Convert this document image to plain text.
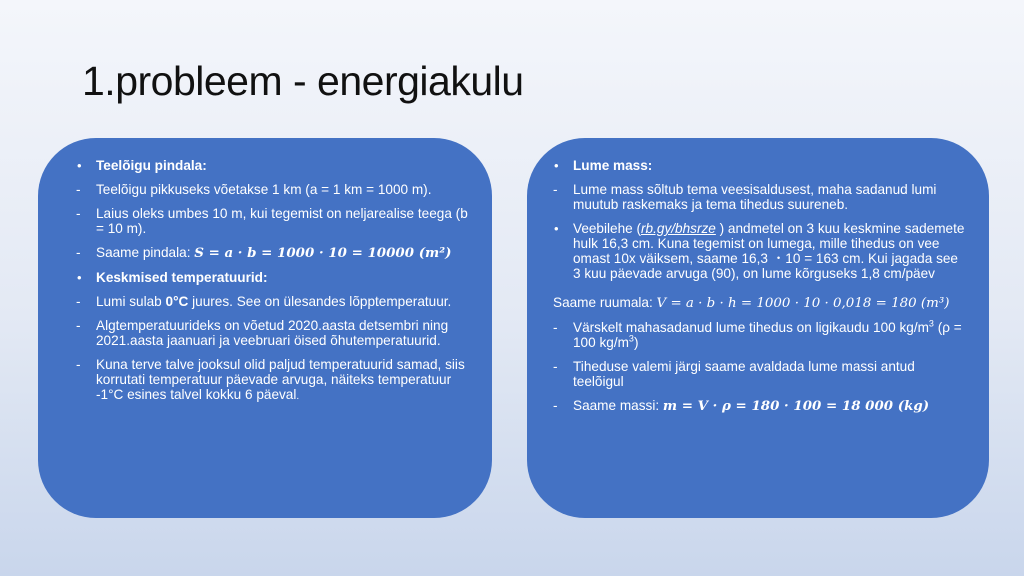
1.probleem - energiakulu
• Teelõigu pindala:
- Teelõigu pikkuseks võetakse 1 km (a = 1 km = 1000 m).
- Laius oleks umbes 10 m, kui tegemist on neljarealise teega (b = 10 m).
- Saame pindala: S = a · b = 1000 · 10 = 10000 (m²)
• Keskmised temperatuurid:
- Lumi sulab 0°C juures. See on ülesandes lõpptemperatuur.
- Algtemperatuurideks on võetud 2020.aasta detsembri ning 2021.aasta jaanuari ja veebruari öised õhutemperatuurid.
- Kuna terve talve jooksul olid paljud temperatuurid samad, siis korrutati temperatuur päevade arvuga, näiteks temperatuur -1°C esines talvel kokku 6 päeval.
• Lume mass:
- Lume mass sõltub tema veesisaldusest, maha sadanud lumi muutub raskemaks ja tema tihedus suureneb.
• Veebilehe (rb.gy/bhsrze ) andmetel on 3 kuu keskmine sademete hulk 16,3 cm. Kuna tegemist on lumega, mille tihedus on vee omast 10x väiksem, saame 16,3 ・10 = 163 cm. Kui jagada see 3 kuu päevade arvuga (90), on lume kõrguseks 1,8 cm/päev
Saame ruumala: V = a · b · h = 1000 · 10 · 0,018 = 180 (m³)
- Värskelt mahasadanud lume tihedus on ligikaudu 100 $kg/m^3$ (ρ = 100 $kg/m^3$)
- Tiheduse valemi järgi saame avaldada lume massi antud teelõigul
- Saame massi: m = V · ρ = 180 · 100 = 18 000 (kg)
